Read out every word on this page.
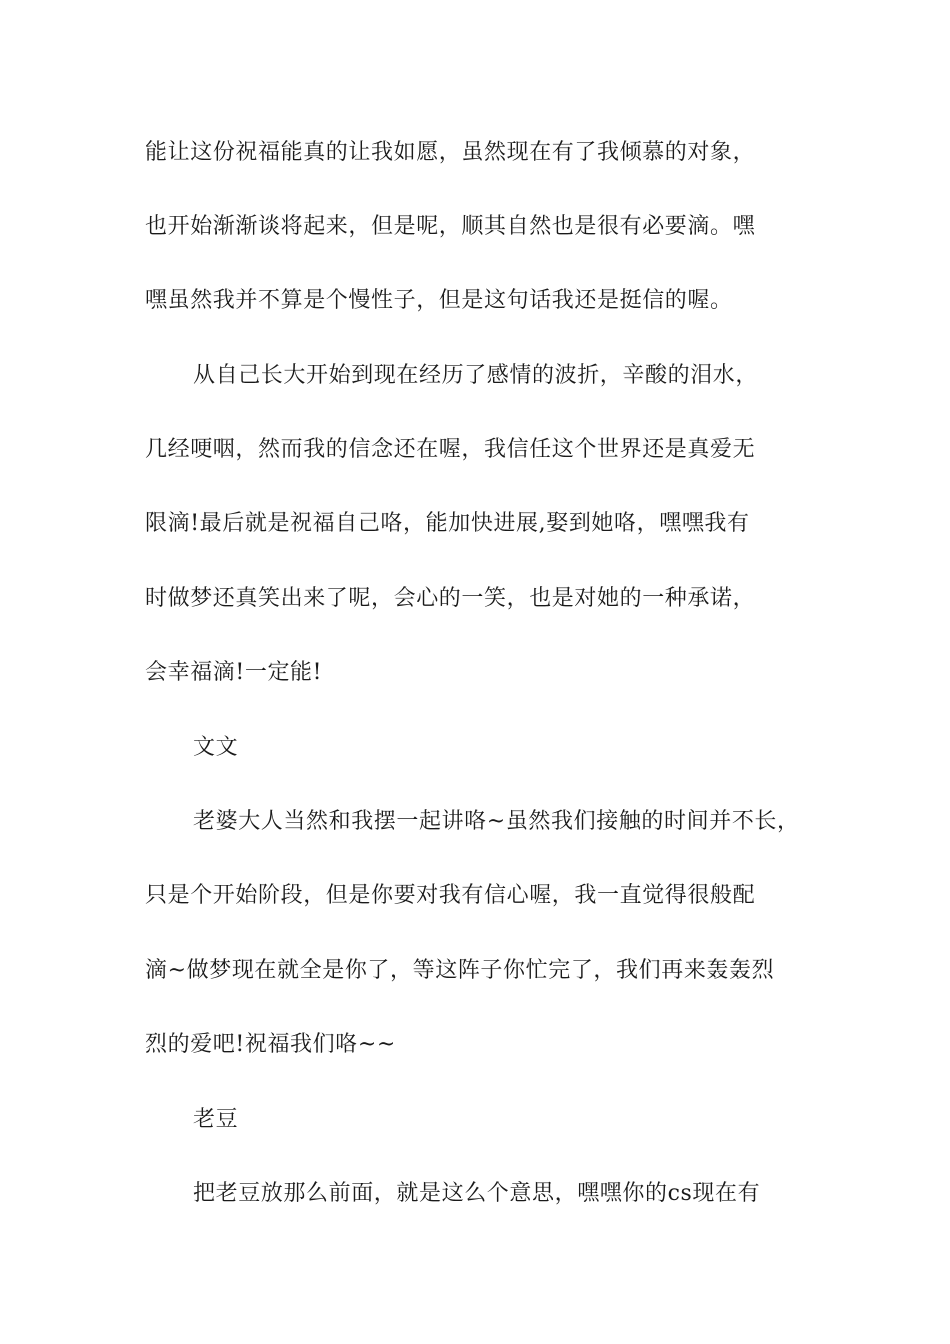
能让这份祝福能真的让我如愿，虽然现在有了我倾慕的对象，
也开始渐渐谈将起来，但是呢，顺其自然也是很有必要滴。嘿
嘿虽然我并不算是个慢性子，但是这句话我还是挺信的喔。
从自己长大开始到现在经历了感情的波折，辛酸的泪水，
几经哽咽，然而我的信念还在喔，我信任这个世界还是真爱无
限滴!最后就是祝福自己咯，能加快进展,娶到她咯，嘿嘿我有
时做梦还真笑出来了呢，会心的一笑，也是对她的一种承诺，
会幸福滴!一定能!
文文
老婆大人当然和我摆一起讲咯~虽然我们接触的时间并不长，
只是个开始阶段，但是你要对我有信心喔，我一直觉得很般配
滴~做梦现在就全是你了，等这阵子你忙完了，我们再来轰轰烈
烈的爱吧!祝福我们咯~~
老豆
把老豆放那么前面，就是这么个意思，嘿嘿你的cs现在有
